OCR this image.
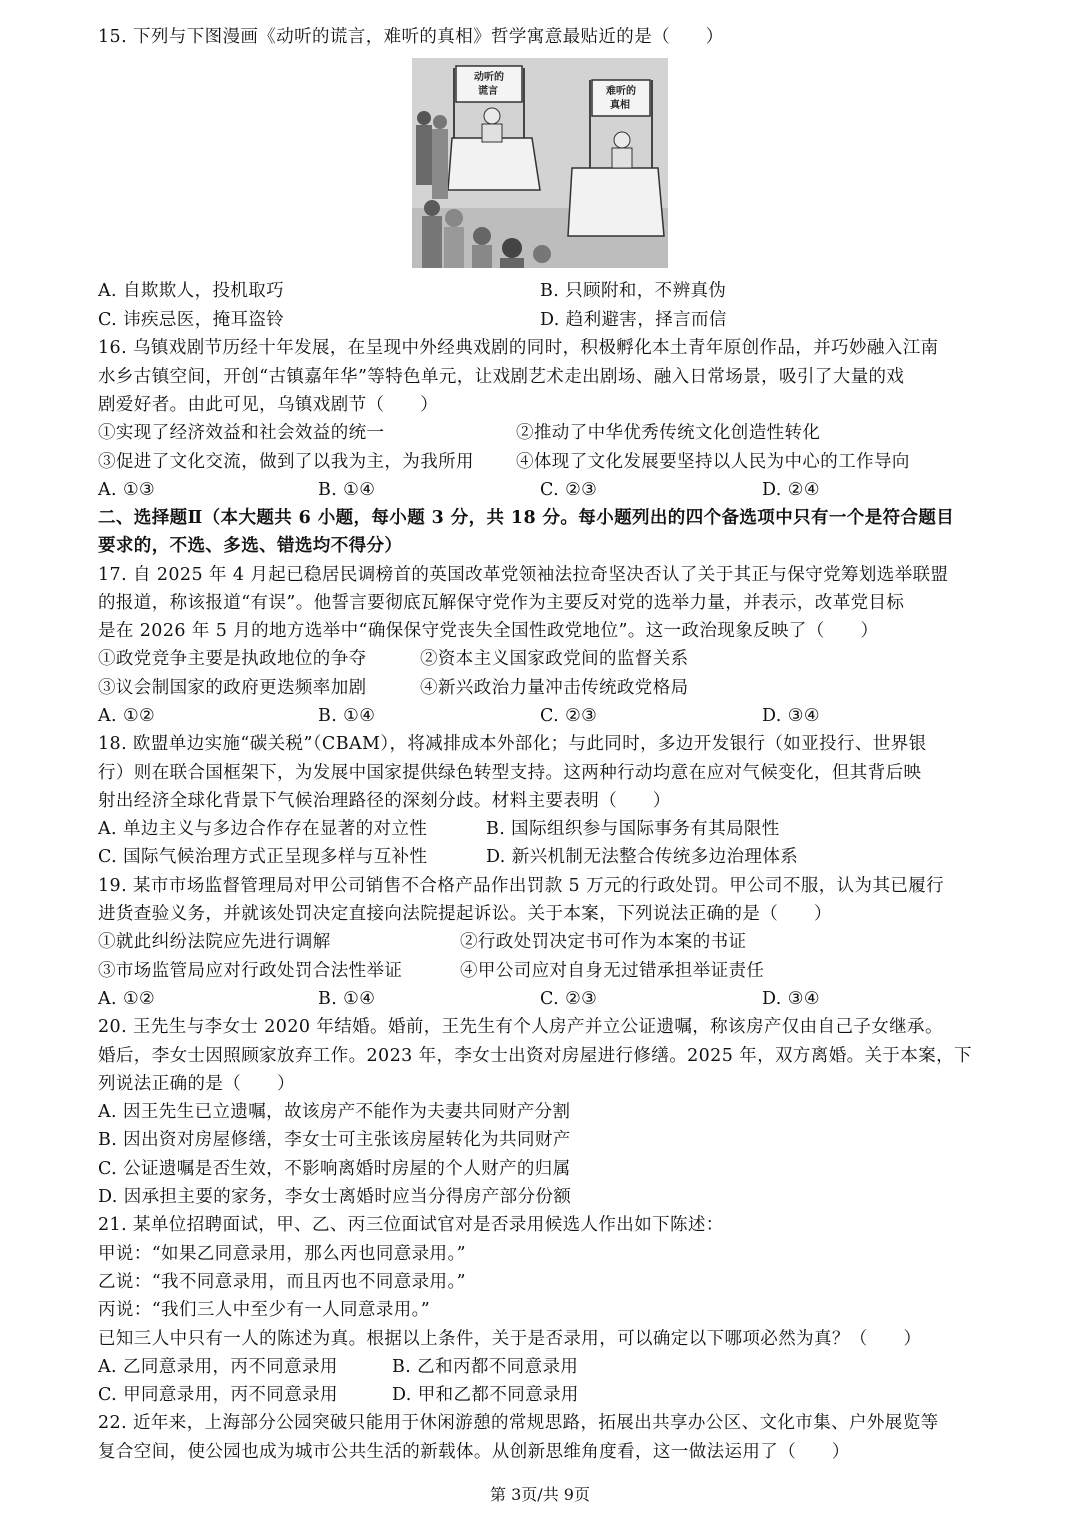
15. 下列与下图漫画《动听的谎言，难听的真相》哲学寓意最贴近的是（　　）
动听的
谎言	难听的
真相
A. 自欺欺人，投机取巧	B. 只顾附和，不辨真伪
C. 讳疾忌医，掩耳盗铃	D. 趋利避害，择言而信
16. 乌镇戏剧节历经十年发展，在呈现中外经典戏剧的同时，积极孵化本土青年原创作品，并巧妙融入江南
水乡古镇空间，开创“古镇嘉年华”等特色单元，让戏剧艺术走出剧场、融入日常场景，吸引了大量的戏
剧爱好者。由此可见，乌镇戏剧节（　　）
①实现了经济效益和社会效益的统一	②推动了中华优秀传统文化创造性转化
③促进了文化交流，做到了以我为主，为我所用 ④体现了文化发展要坚持以人民为中心的工作导向
A. ①③	B. ①④	C. ②③	D. ②④
二、选择题Ⅱ（本大题共 6 小题，每小题 3 分，共 18 分。每小题列出的四个备选项中只有一个是符合题目
要求的，不选、多选、错选均不得分）
17. 自 2025 年 4 月起已稳居民调榜首的英国改革党领袖法拉奇坚决否认了关于其正与保守党筹划选举联盟
的报道，称该报道“有误”。他誓言要彻底瓦解保守党作为主要反对党的选举力量，并表示，改革党目标
是在 2026 年 5 月的地方选举中“确保保守党丧失全国性政党地位”。这一政治现象反映了（　　）
①政党竞争主要是执政地位的争夺	②资本主义国家政党间的监督关系
③议会制国家的政府更迭频率加剧	④新兴政治力量冲击传统政党格局
A. ①②	B. ①④	C. ②③	D. ③④
18. 欧盟单边实施“碳关税”（CBAM），将减排成本外部化；与此同时，多边开发银行（如亚投行、世界银
行）则在联合国框架下，为发展中国家提供绿色转型支持。这两种行动均意在应对气候变化，但其背后映
射出经济全球化背景下气候治理路径的深刻分歧。材料主要表明（　　）
A. 单边主义与多边合作存在显著的对立性	B. 国际组织参与国际事务有其局限性
C. 国际气候治理方式正呈现多样与互补性	D. 新兴机制无法整合传统多边治理体系
19. 某市市场监督管理局对甲公司销售不合格产品作出罚款 5 万元的行政处罚。甲公司不服，认为其已履行
进货查验义务，并就该处罚决定直接向法院提起诉讼。关于本案，下列说法正确的是（　　）
①就此纠纷法院应先进行调解	②行政处罚决定书可作为本案的书证
③市场监管局应对行政处罚合法性举证	④甲公司应对自身无过错承担举证责任
A. ①②	B. ①④	C. ②③	D. ③④
20. 王先生与李女士 2020 年结婚。婚前，王先生有个人房产并立公证遗嘱，称该房产仅由自己子女继承。
婚后，李女士因照顾家放弃工作。2023 年，李女士出资对房屋进行修缮。2025 年，双方离婚。关于本案，下
列说法正确的是（　　）
A. 因王先生已立遗嘱，故该房产不能作为夫妻共同财产分割
B. 因出资对房屋修缮，李女士可主张该房屋转化为共同财产
C. 公证遗嘱是否生效，不影响离婚时房屋的个人财产的归属
D. 因承担主要的家务，李女士离婚时应当分得房产部分份额
21. 某单位招聘面试，甲、乙、丙三位面试官对是否录用候选人作出如下陈述：
甲说：“如果乙同意录用，那么丙也同意录用。”
乙说：“我不同意录用，而且丙也不同意录用。”
丙说：“我们三人中至少有一人同意录用。”
已知三人中只有一人的陈述为真。根据以上条件，关于是否录用，可以确定以下哪项必然为真？（　　）
A. 乙同意录用，丙不同意录用	B. 乙和丙都不同意录用
C. 甲同意录用，丙不同意录用	D. 甲和乙都不同意录用
22. 近年来，上海部分公园突破只能用于休闲游憩的常规思路，拓展出共享办公区、文化市集、户外展览等
复合空间，使公园也成为城市公共生活的新载体。从创新思维角度看，这一做法运用了（　　）
第 3页/共 9页
